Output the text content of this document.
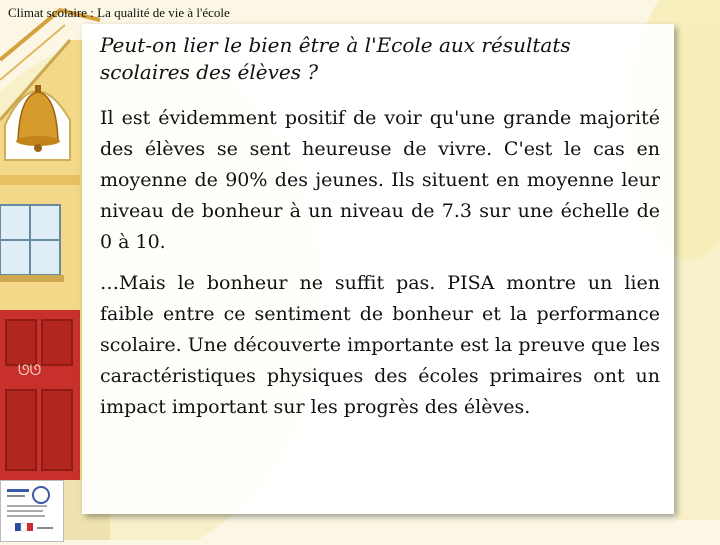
ᘎᘎ

Climat scolaire : La qualité de vie à l'école

Peut-on lier le bien être à l'Ecole aux résultats scolaires des élèves ?

Il est évidemment positif de voir qu'une grande majorité des élèves se sent heureuse de vivre. C'est le cas en moyenne de 90% des jeunes. Ils situent en moyenne leur niveau de bonheur à un niveau de 7.3 sur une échelle de 0 à 10.

…Mais le bonheur ne suffit pas. PISA montre un lien faible entre ce sentiment de bonheur et la performance scolaire. Une découverte importante est la preuve que les caractéristiques physiques des écoles primaires ont un impact important sur les progrès des élèves.
